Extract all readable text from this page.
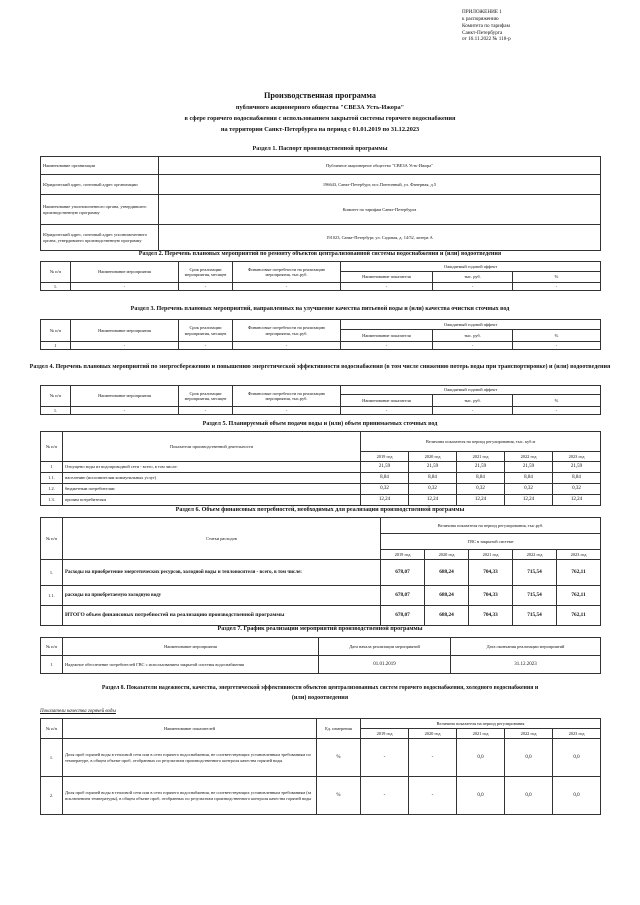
ПРИЛОЖЕНИЕ 1
к распоряжению
Комитета по тарифам
Санкт-Петербурга
от 16.11.2022 № 118-р
Производственная программа
публичного акционерного общества "СВЕЗА Усть-Ижора"
в сфере горячего водоснабжения с использованием закрытой системы горячего водоснабжения
на территории Санкт-Петербурга на период с 01.01.2019 по 31.12.2023
Раздел 1. Паспорт производственной программы
Наименование организации	Публичное акционерное общество "СВЕЗА Усть-Ижора"
Юридический адрес, почтовый адрес организации	196643, Санкт-Петербург, пос.Понтонный, ул. Фанерная, д.5
Наименование уполномоченного органа, утвердившего производственную программу	Комитет по тарифам Санкт-Петербурга
Юридический адрес, почтовый адрес уполномоченного органа, утвердившего производственную программу	191023, Санкт-Петербург, ул. Садовая, д. 14/52, литера А
Раздел 2. Перечень плановых мероприятий по ремонту объектов централизованной системы водоснабжения и (или) водоотведения
№ п/п	Наименование мероприятия	Срок реализации мероприятия, месяцев	Финансовые потребности на реализацию мероприятия, тыс.руб.	Ожидаемый годовой эффект		
				Наименование показателя	тыс. руб.	%
1.	-	-	-	-	-	-
Раздел 3. Перечень плановых мероприятий, направленных на улучшение качества питьевой воды и (или) качества очистки сточных вод
№ п/п	Наименование мероприятия	Срок реализации мероприятия, месяцев	Финансовые потребности на реализацию мероприятия, тыс.руб.	Ожидаемый годовой эффект		
				Наименование показателя	тыс. руб.	%
1	-	-	-	-	-	-
Раздел 4. Перечень плановых мероприятий по энергосбережению и повышению энергетической эффективности водоснабжения (в том числе снижению потерь воды при транспортировке) и (или) водоотведения
№ п/п	Наименование мероприятия	Срок реализации мероприятия, месяцев	Финансовые потребности на реализацию мероприятия, тыс.руб.	Ожидаемый годовой эффект		
				Наименование показателя	тыс. руб.	%
1.	-	-	-	-	-	-
Раздел 5. Планируемый объем подачи воды и (или) объем принимаемых сточных вод
№ п/п	Показатели производственной деятельности	Величина показателя на период регулирования, тыс. куб.м				
		2019 год	2020 год	2021 год	2022 год	2023 год
1	Отпущено воды из водопроводной сети - всего, в том числе:	21,59	21,59	21,59	21,59	21,59
1.1.	населению (исполнителям коммунальных услуг)	8,84	8,84	8,84	8,84	8,84
1.2.	бюджетным потребителям	0,32	0,32	0,32	0,32	0,32
1.3.	прочим потребителям	12,24	12,24	12,24	12,24	12,24
Раздел 6. Объем финансовых потребностей, необходимых для реализации производственной программы
№ п/п	Статьи расходов	Величина показателя на период регулирования, тыс.руб.				
		ГВС в закрытой системе				
		2019 год	2020 год	2021 год	2022 год	2023 год
1.	Расходы на приобретение энергетических ресурсов, холодной воды и теплоносителя - всего, в том числе:	678,07	688,24	704,33	715,54	762,11
1.1.	расходы на приобретаемую холодную воду	678,07	688,24	704,33	715,54	762,11
	ИТОГО объем финансовых потребностей на реализацию производственной программы	678,07	688,24	704,33	715,54	762,11
Раздел 7. График реализации мероприятий производственной программы
№ п/п	Наименование мероприятия	Дата начала реализации мероприятий	Дата окончания реализации мероприятий
1	Надежное обеспечение потребителей ГВС с использованием закрытой системы водоснабжения	01.01.2019	31.12.2023
Раздел 8. Показатели надежности, качества, энергетической эффективности объектов централизованных систем горячего водоснабжения, холодного водоснабжения и
(или) водоотведения
Показатели качества горячей воды
№ п/п	Наименование показателей	Ед. измерения	Величина показателя на период регулирования				
			2019 год	2020 год	2021 год	2022 год	2023 год
1.	Доля проб горячей воды в тепловой сети или в сети горячего водоснабжения, не соответствующих установленным требованиям по температуре, в общем объеме проб, отобранных по результатам производственного контроля качества горячей воды	%	-	-	0,0	0,0	0,0
2.	Доля проб горячей воды в тепловой сети или в сети горячего водоснабжения, не соответствующих установленным требованиям (за исключением температуры), в общем объеме проб, отобранных по результатам производственного контроля качества горячей воды	%	-	-	0,0	0,0	0,0
